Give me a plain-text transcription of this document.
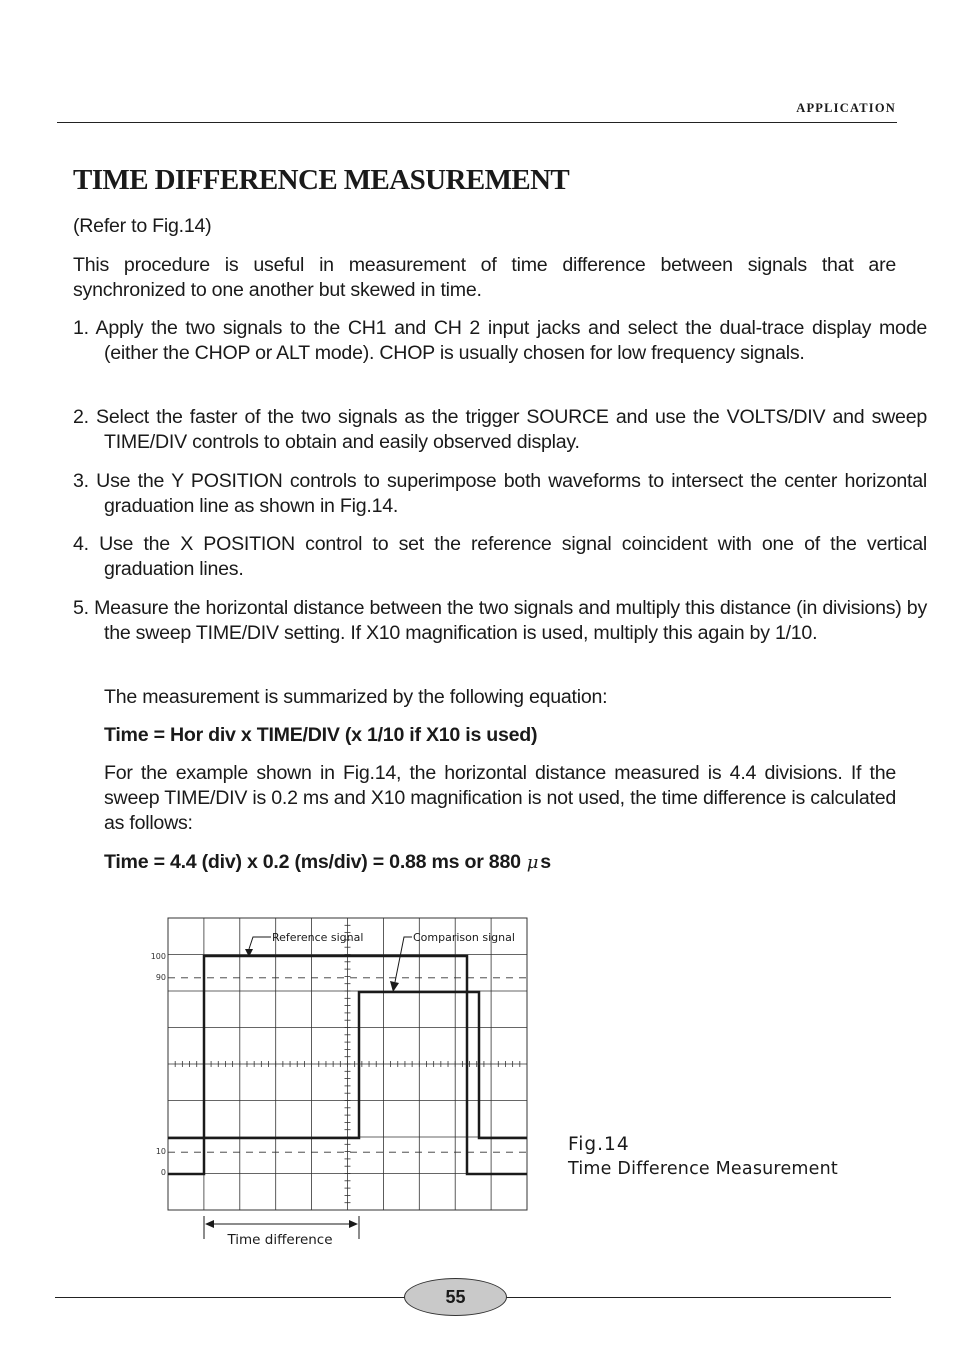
APPLICATION
TIME DIFFERENCE MEASUREMENT
(Refer to Fig.14)
This procedure is useful in measurement of time difference between signals that are synchronized to one another but skewed in time.
1. Apply the two signals to the CH1 and CH 2 input jacks and select the dual-trace display mode (either the CHOP or ALT mode). CHOP is usually chosen for low frequency signals.
2. Select the faster of the two signals as the trigger SOURCE and use the VOLTS/DIV and sweep TIME/DIV controls to obtain and easily observed display.
3. Use the Y POSITION controls to superimpose both waveforms to intersect the center horizontal graduation line as shown in Fig.14.
4. Use the X POSITION control to set the reference signal coincident with one of the vertical graduation lines.
5. Measure the horizontal distance between the two signals and multiply this distance (in divisions) by the sweep TIME/DIV setting. If X10 magnification is used, multiply this again by 1/10.
The measurement is summarized by the following equation:
Time = Hor div x TIME/DIV (x 1/10 if X10 is used)
For the example shown in Fig.14, the horizontal distance measured is 4.4 divisions. If the sweep TIME/DIV is 0.2 ms and X10 magnification is not used, the time difference is calculated as follows:
Time = 4.4 (div) x 0.2 (ms/div) = 0.88 ms or 880 μ s
100
90
10
0
Reference signal	Comparison signal
Time difference
Fig.14
Time Difference Measurement
55
